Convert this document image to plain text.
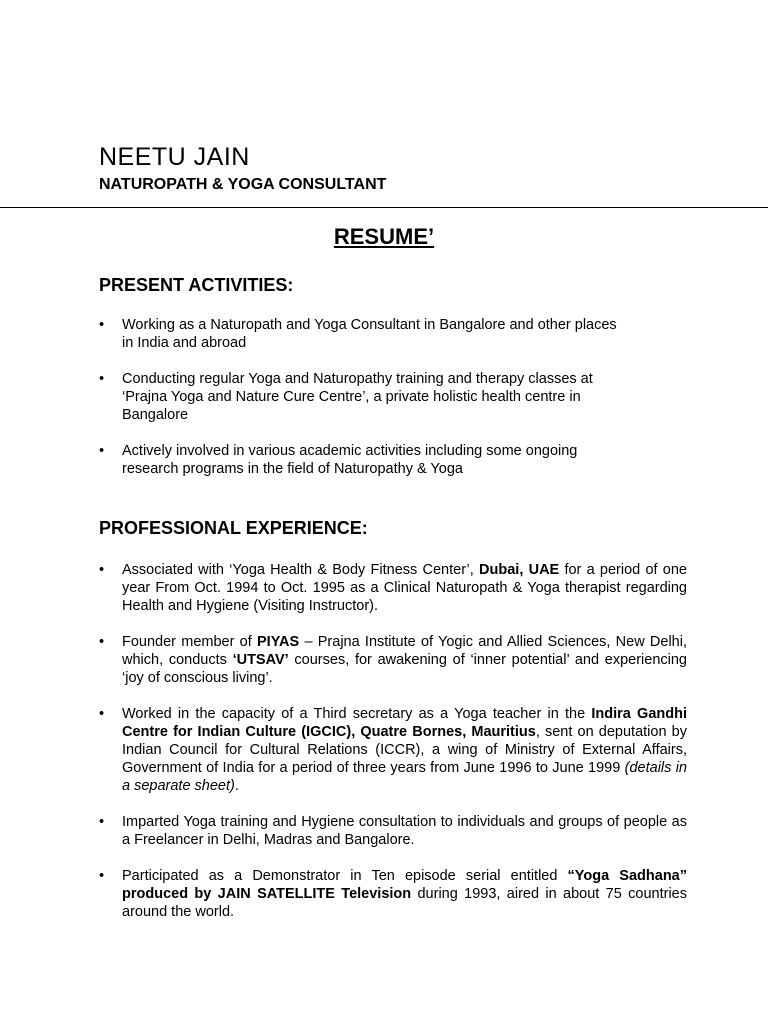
NEETU JAIN
NATUROPATH & YOGA CONSULTANT
RESUME’
PRESENT ACTIVITIES:
• Working as a Naturopath and Yoga Consultant in Bangalore and other places
in India and abroad
• Conducting regular Yoga and Naturopathy training and therapy classes at
‘Prajna Yoga and Nature Cure Centre’, a private holistic health centre in
Bangalore
• Actively involved in various academic activities including some ongoing
research programs in the field of Naturopathy & Yoga
PROFESSIONAL EXPERIENCE:
• Associated with ‘Yoga Health & Body Fitness Center’, Dubai, UAE for a period of one year From Oct. 1994 to Oct. 1995 as a Clinical Naturopath & Yoga therapist regarding Health and Hygiene (Visiting Instructor).
• Founder member of PIYAS – Prajna Institute of Yogic and Allied Sciences, New Delhi, which, conducts ‘UTSAV’ courses, for awakening of ‘inner potential’ and experiencing ‘joy of conscious living’.
• Worked in the capacity of a Third secretary as a Yoga teacher in the Indira Gandhi Centre for Indian Culture (IGCIC), Quatre Bornes, Mauritius, sent on deputation by Indian Council for Cultural Relations (ICCR), a wing of Ministry of External Affairs, Government of India for a period of three years from June 1996 to June 1999 (details in a separate sheet).
• Imparted Yoga training and Hygiene consultation to individuals and groups of people as a Freelancer in Delhi, Madras and Bangalore.
• Participated as a Demonstrator in Ten episode serial entitled “Yoga Sadhana” produced by JAIN SATELLITE Television during 1993, aired in about 75 countries around the world.
